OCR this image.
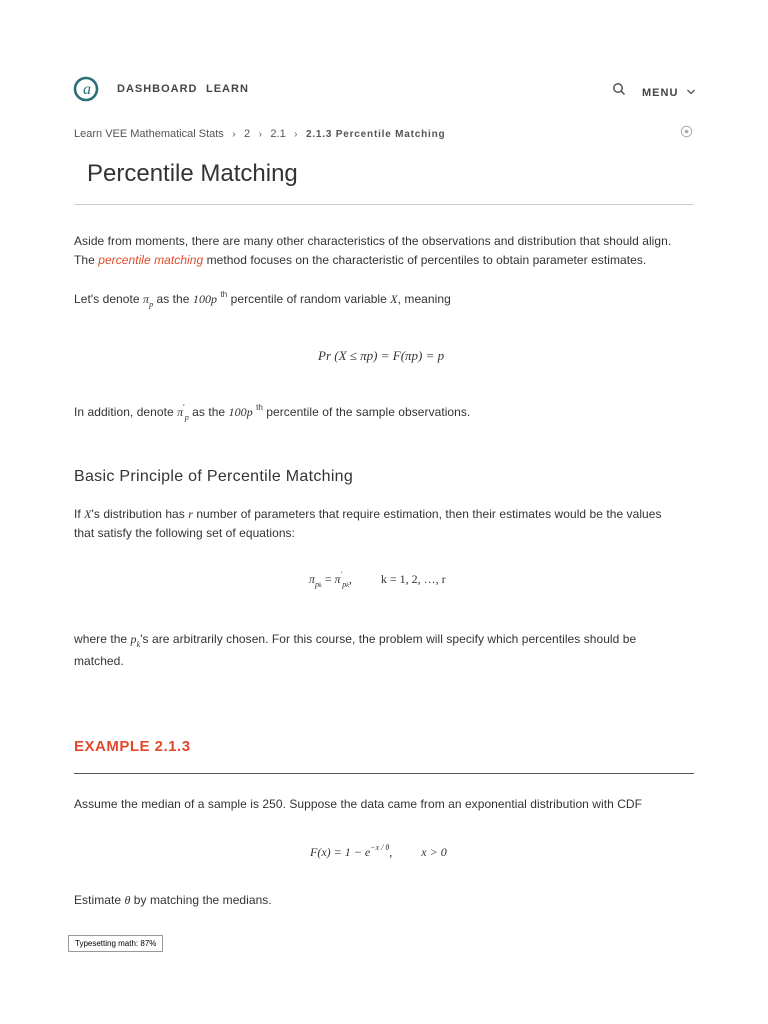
a DASHBOARD LEARN	MENU
Learn VEE Mathematical Stats › 2 › 2.1 › 2.1.3 Percentile Matching
Percentile Matching
Aside from moments, there are many other characteristics of the observations and distribution that should align.
The percentile matching method focuses on the characteristic of percentiles to obtain parameter estimates.
Let's denote $\pi_p$ as the 100p $^{th}$ percentile of random variable X, meaning
Pr (X ≤ πp) = F(πp) = p
In addition, denote $\pi'_p$ as the 100p $^{th}$ percentile of the sample observations.
Basic Principle of Percentile Matching
If X's distribution has r number of parameters that require estimation, then their estimates would be the values
that satisfy the following set of equations:
$\pi_{pk} = \pi'_{pk}$, k = 1, 2, …, r
where the $p_k's$ are arbitrarily chosen. For this course, the problem will specify which percentiles should be
matched.
EXAMPLE 2.1.3
Assume the median of a sample is 250. Suppose the data came from an exponential distribution with CDF
$F(x) = 1 - e^{-x / \theta}$, x > 0
Estimate θ by matching the medians.
Typesetting math: 87%
